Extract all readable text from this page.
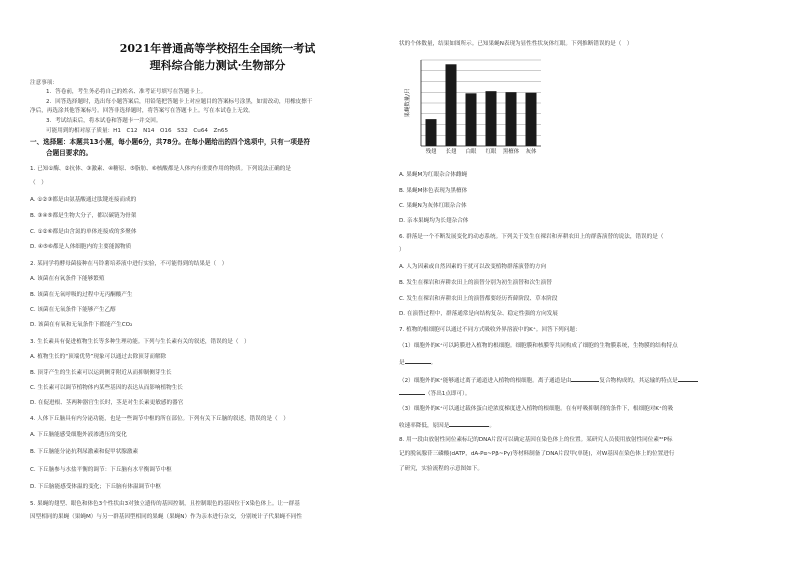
2021年普通高等学校招生全国统一考试
理科综合能力测试·生物部分
注意事项：
1．答卷前，考生务必将自己的姓名、准考证号填写在答题卡上。
2．回答选择题时，选出每小题答案后，用铅笔把答题卡上对应题目的答案标号涂黑，如需改动，用橡皮擦干
净后，再选涂其他答案标号。回答非选择题时，将答案写在答题卡上。写在本试卷上无效。
3．考试结束后，将本试卷和答题卡一并交回。
可能用到的相对原子质量：H1　C12　N14　O16　S32　Cu64　Zn65
一、选择题：本题共13小题，每小题6分，共78分。在每小题给出的四个选项中，只有一项是符
合题目要求的。
1. 已知①酶、②抗体、③激素、④糖原、⑤脂肪、⑥核酸都是人体内有重要作用的物质。下列说法正确的是
（　）
A. ①②③都是由氨基酸通过肽键连接而成的
B. ③④⑤都是生物大分子，都以碳链为骨架
C. ①②⑥都是由含氮的单体连接成的多聚体
D. ④⑤⑥都是人体细胞内的主要能源物质
2. 某同学将酵母菌接种在马铃薯培养液中进行实验，不可能得到的结果是（　）
A. 该菌在有氧条件下能够繁殖
B. 该菌在无氧呼吸的过程中无丙酮酸产生
C. 该菌在无氧条件下能够产生乙醇
D. 该菌在有氧和无氧条件下都能产生CO₂
3. 生长素具有促进植物生长等多种生理功能。下列与生长素有关的叙述，错误的是（　）
A. 植物生长的“顶端优势”现象可以通过去除顶芽而解除
B. 顶芽产生的生长素可以运到侧芽附近从而抑制侧芽生长
C. 生长素可以调节植物体内某些基因的表达从而影响植物生长
D. 在促进根、茎两种器官生长时，茎是对生长素更敏感的器官
4. 人体下丘脑具有内分泌功能，也是一些调节中枢的所在部位。下列有关下丘脑的叙述，错误的是（　）
A. 下丘脑能感受细胞外液渗透压的变化
B. 下丘脑能分泌抗利尿激素和促甲状腺激素
C. 下丘脑参与水盐平衡的调节：下丘脑有水平衡调节中枢
D. 下丘脑能感受体温的变化；下丘脑有体温调节中枢
5. 果蝇的翅型、眼色和体色3个性状由3对独立遗传的基因控制，且控制眼色的基因位于X染色体上。让一群基
因型相同的果蝇（果蝇M）与另一群基因型相同的果蝇（果蝇N）作为亲本进行杂交，分别统计子代果蝇不同性
状的个体数量，结果如图所示。已知果蝇N表现为显性性状灰体红眼。下列推断错误的是（　）
残翅 长翅 白眼 红眼 黑檀体 灰体
果蝇数量/只
A. 果蝇M为红眼杂合体雌蝇
B. 果蝇M体色表现为黑檀体
C. 果蝇N为灰体红眼杂合体
D. 亲本果蝇均为长翅杂合体
6. 群落是一个不断发展变化的动态系统。下列关于发生在裸岩和弃耕农田上的群落演替的说法，错误的是（
）
A. 人为因素或自然因素的干扰可以改变植物群落演替的方向
B. 发生在裸岩和弃耕农田上的演替分别为初生演替和次生演替
C. 发生在裸岩和弃耕农田上的演替都要经历苔藓阶段、草本阶段
D. 在演替过程中，群落通常是向结构复杂、稳定性强的方向发展
7. 植物的根细胞可以通过不同方式吸收外界溶液中的K⁺。回答下列问题：
（1）细胞外的K⁺可以跨膜进入植物的根细胞。细胞膜和核膜等共同构成了细胞的生物膜系统，生物膜的结构特点
是	。
（2）细胞外的K⁺能够通过离子通道进入植物的根细胞。离子通道是由	复合物构成的，其运输的特点是
（答出1点即可）。
（3）细胞外的K⁺可以通过载体蛋白逆浓度梯度进入植物的根细胞。在有呼吸抑制剂的条件下，根细胞对K⁺的吸
收速率降低，原因是	。
8. 用一段由放射性同位素标记的DNA片段可以确定基因在染色体上的位置。某研究人员使用放射性同位素³²P标
记的脱氧腺苷三磷酸(dATP，dA-Pα~Pβ~Pγ)等材料制备了DNA片段甲(单链)，对W基因在染色体上的位置进行
了研究，实验流程的示意图如下。
